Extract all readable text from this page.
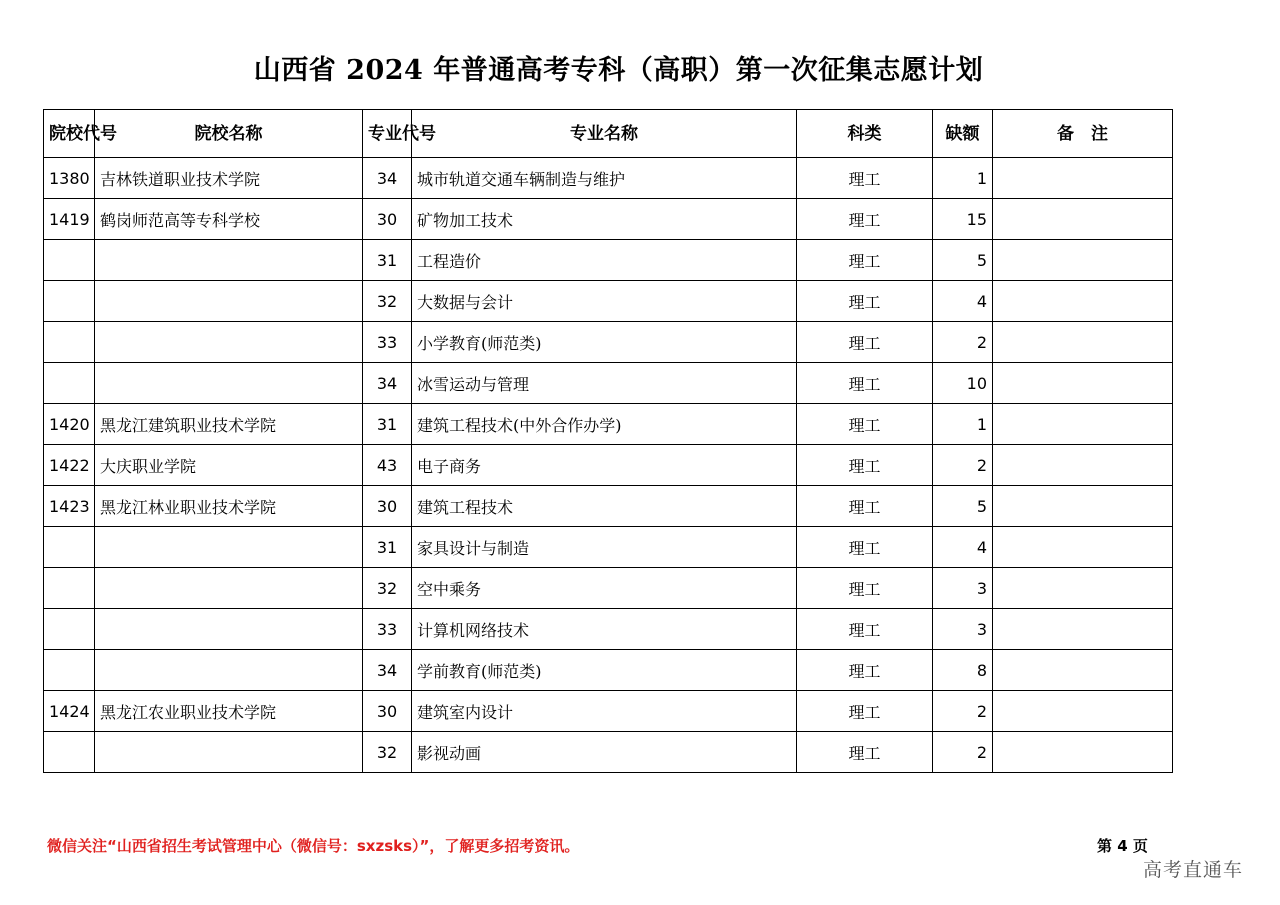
山西省 2024 年普通高考专科（高职）第一次征集志愿计划
院校代号	院校名称	专业代号	专业名称	科类	缺额	备　注
1380	吉林铁道职业技术学院	34	城市轨道交通车辆制造与维护	理工	1	
1419	鹤岗师范高等专科学校	30	矿物加工技术	理工	15	
		31	工程造价	理工	5	
		32	大数据与会计	理工	4	
		33	小学教育(师范类)	理工	2	
		34	冰雪运动与管理	理工	10	
1420	黑龙江建筑职业技术学院	31	建筑工程技术(中外合作办学)	理工	1	
1422	大庆职业学院	43	电子商务	理工	2	
1423	黑龙江林业职业技术学院	30	建筑工程技术	理工	5	
		31	家具设计与制造	理工	4	
		32	空中乘务	理工	3	
		33	计算机网络技术	理工	3	
		34	学前教育(师范类)	理工	8	
1424	黑龙江农业职业技术学院	30	建筑室内设计	理工	2	
		32	影视动画	理工	2	
微信关注“山西省招生考试管理中心（微信号：sxzsks）”，了解更多招考资讯。	第 4 页
高考直通车
